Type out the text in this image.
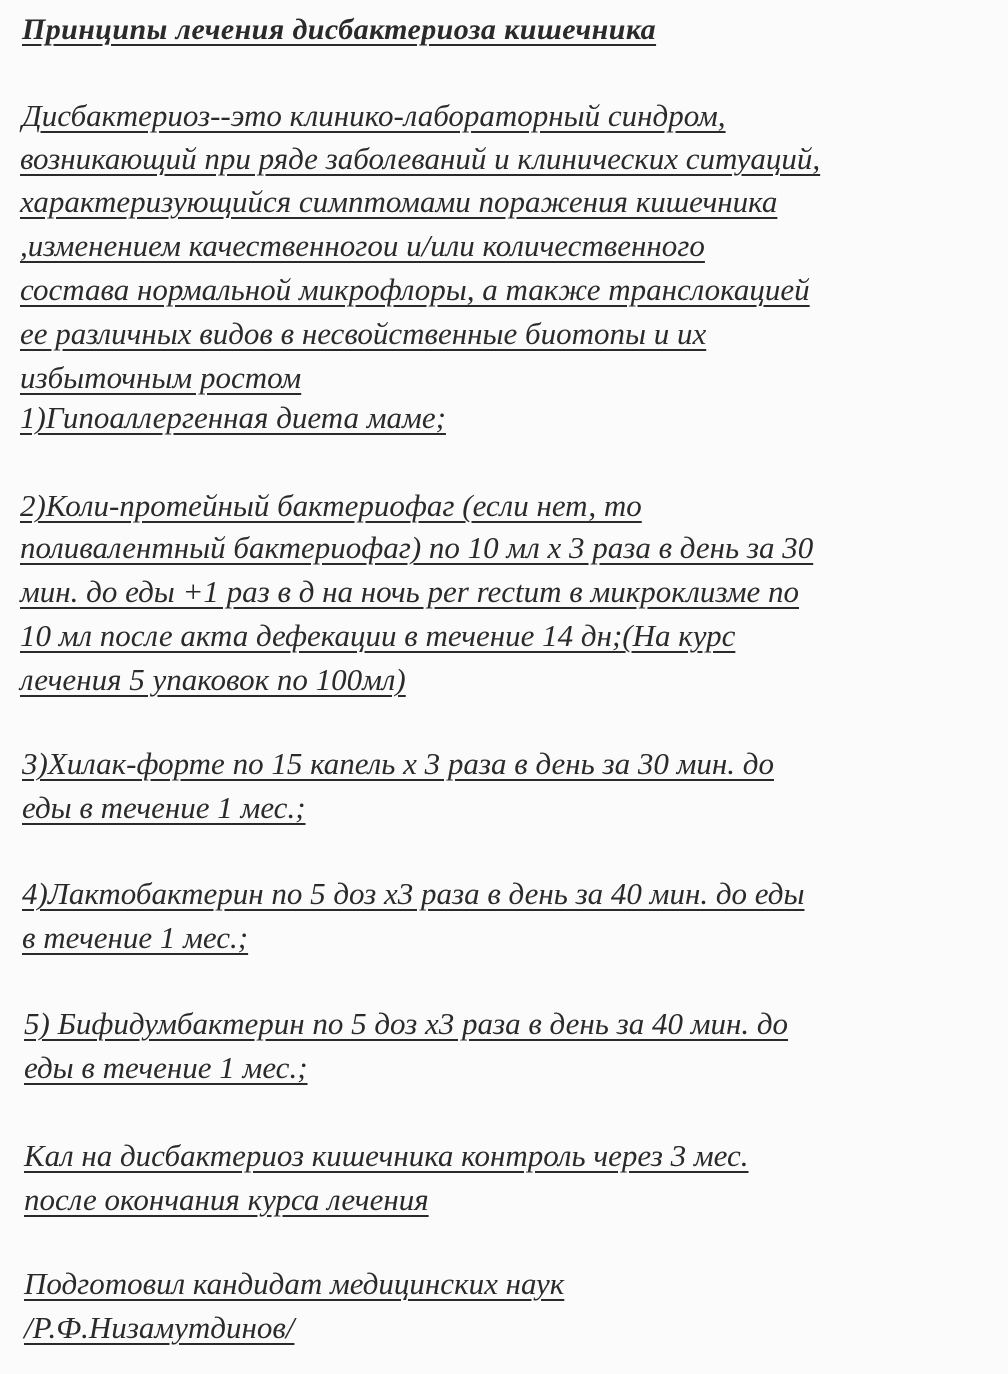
Принципы лечения дисбактериоза кишечника

Дисбактериоз--это клинико-лабораторный синдром,

возникающий при ряде заболеваний и клинических ситуаций,

характеризующийся симптомами поражения кишечника

,изменением качественногои и/или количественного

состава нормальной микрофлоры, а также транслокацией

ее различных видов в несвойственные биотопы и их

избыточным ростом

1)Гипоаллергенная диета маме;

2)Коли-протейный бактериофаг (если нет, то

поливалентный бактериофаг) по 10 мл х 3 раза в день за 30

мин. до еды +1 раз в д на ночь per rectum в микроклизме по

10 мл после акта дефекации в течение 14 дн;(На курс

лечения 5 упаковок по 100мл)

3)Хилак-форте по 15 капель х 3 раза в день за 30 мин. до

еды в течение 1 мес.;

4)Лактобактерин по 5 доз х3 раза в день за 40 мин. до еды

в течение 1 мес.;

5) Бифидумбактерин по 5 доз х3 раза в день за 40 мин. до

еды в течение 1 мес.;

Кал на дисбактериоз кишечника контроль через 3 мес.

после окончания курса лечения

Подготовил кандидат медицинских наук

/Р.Ф.Низамутдинов/
